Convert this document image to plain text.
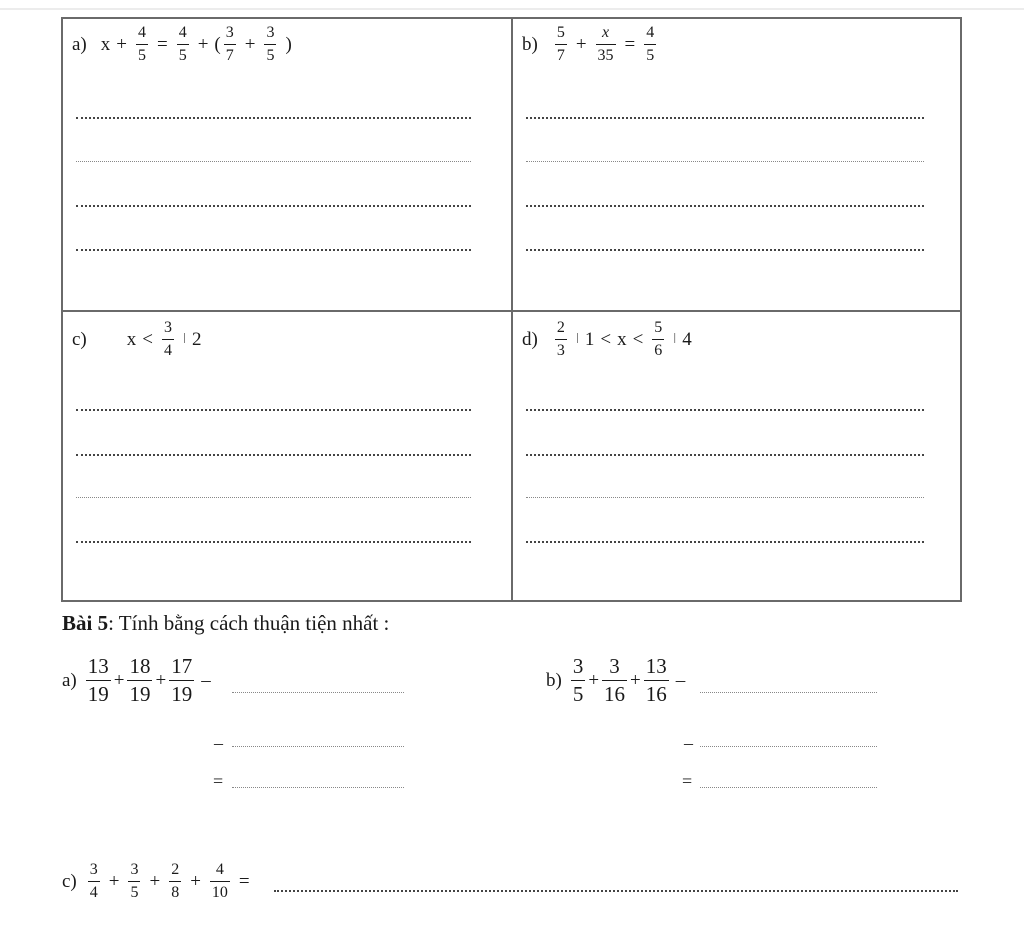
a) $x + \frac{4}{5} = \frac{4}{5}$ + ( $\frac{3}{7} + \frac{3}{5}$ )	$b) \frac{5}{7} + \frac{x}{35} = \frac{4}{5}$
c) $x < \frac{3}{4}$ ǀ 2	$d) \frac{2}{3}$ ǀ $1 < x < \frac{5}{6}$ ǀ 4
Bài 5: Tính bằng cách thuận tiện nhất :
$a) \frac{13}{19} + \frac{18}{19} + \frac{17}{19}$ –
–
=
$b) \frac{3}{5} + \frac{3}{16} + \frac{13}{16}$ –
–
=
$c) \frac{3}{4} + \frac{3}{5} + \frac{2}{8} + \frac{4}{10}$ =
